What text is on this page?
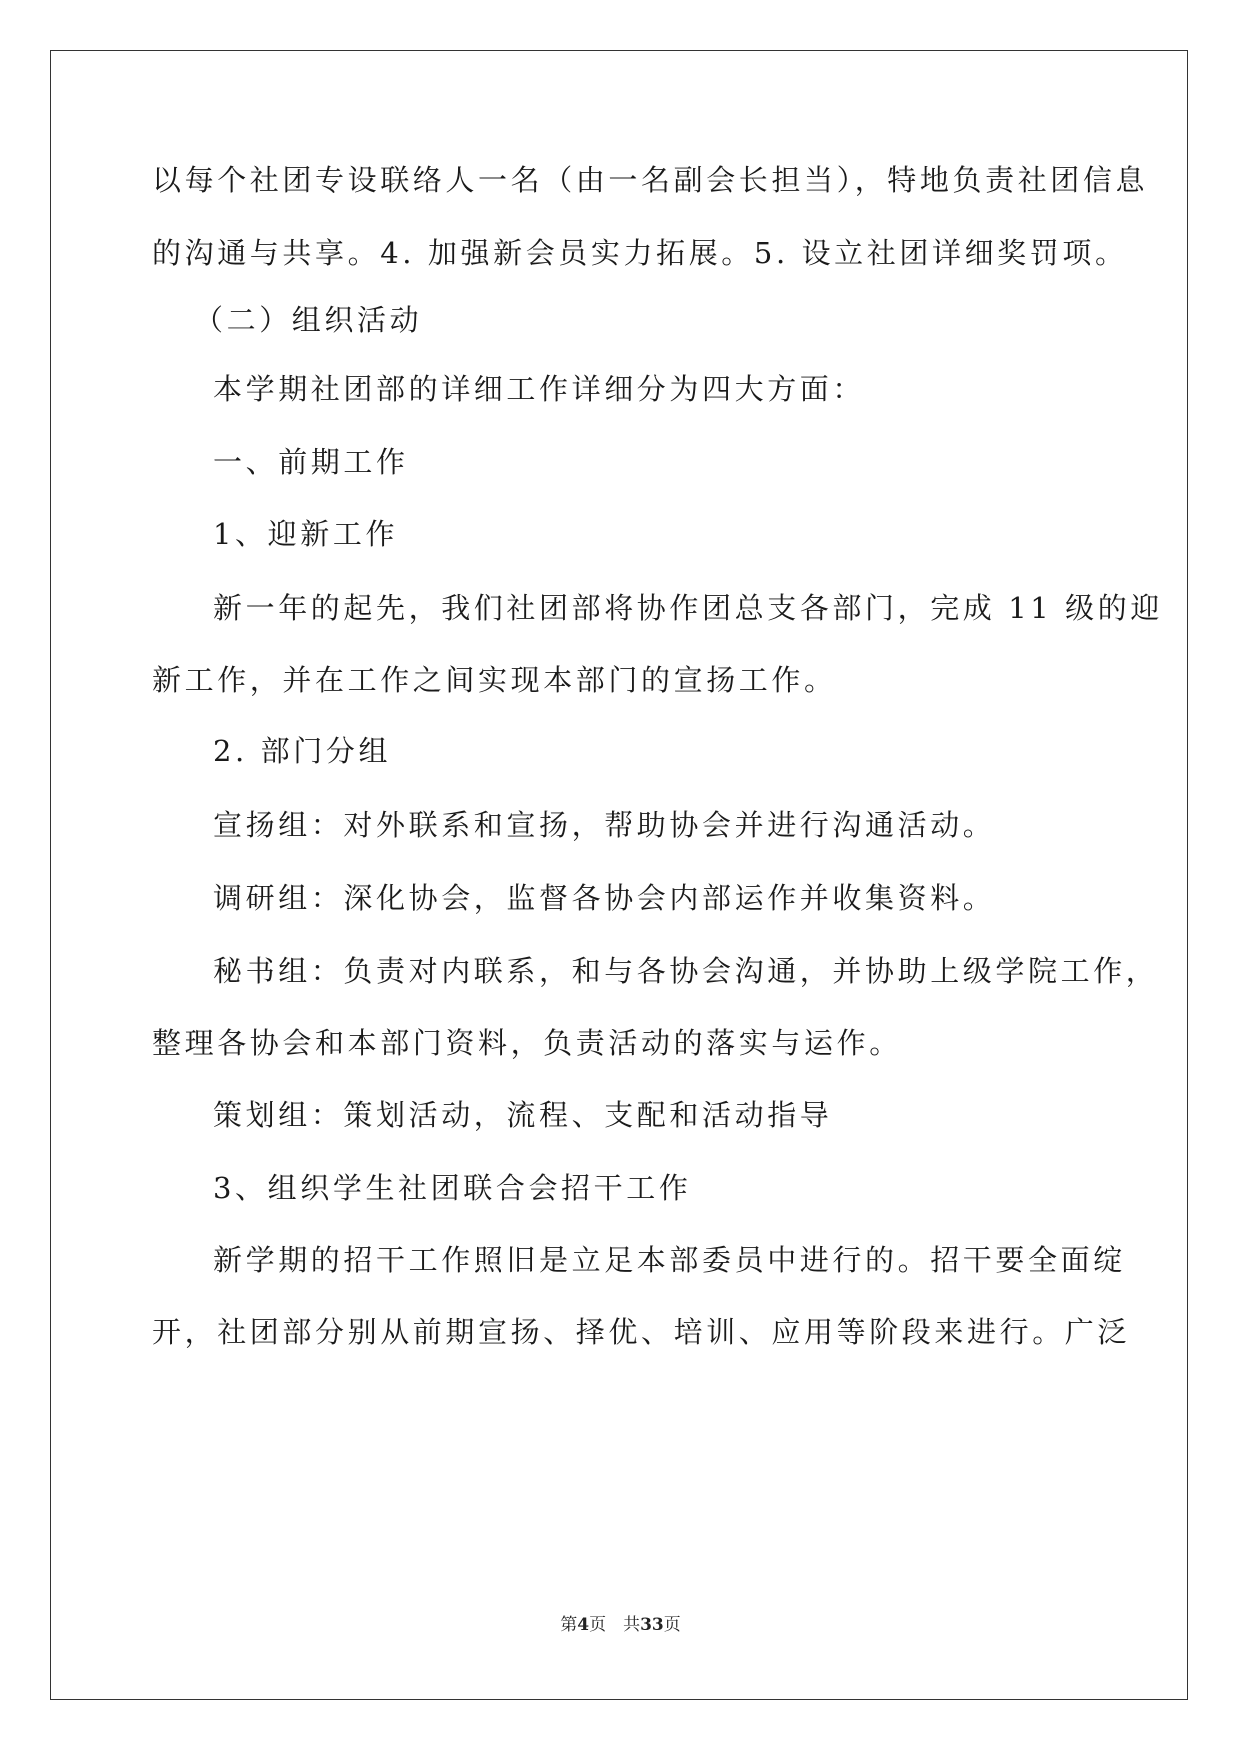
以每个社团专设联络人一名（由一名副会长担当），特地负责社团信息
的沟通与共享。4. 加强新会员实力拓展。5. 设立社团详细奖罚项。
（二）组织活动
本学期社团部的详细工作详细分为四大方面：
一、前期工作
1、迎新工作
新一年的起先，我们社团部将协作团总支各部门，完成 11 级的迎
新工作，并在工作之间实现本部门的宣扬工作。
2. 部门分组
宣扬组：对外联系和宣扬，帮助协会并进行沟通活动。
调研组：深化协会，监督各协会内部运作并收集资料。
秘书组：负责对内联系，和与各协会沟通，并协助上级学院工作，
整理各协会和本部门资料，负责活动的落实与运作。
策划组：策划活动，流程、支配和活动指导
3、组织学生社团联合会招干工作
新学期的招干工作照旧是立足本部委员中进行的。招干要全面绽
开，社团部分别从前期宣扬、择优、培训、应用等阶段来进行。广泛
第4页　共33页
